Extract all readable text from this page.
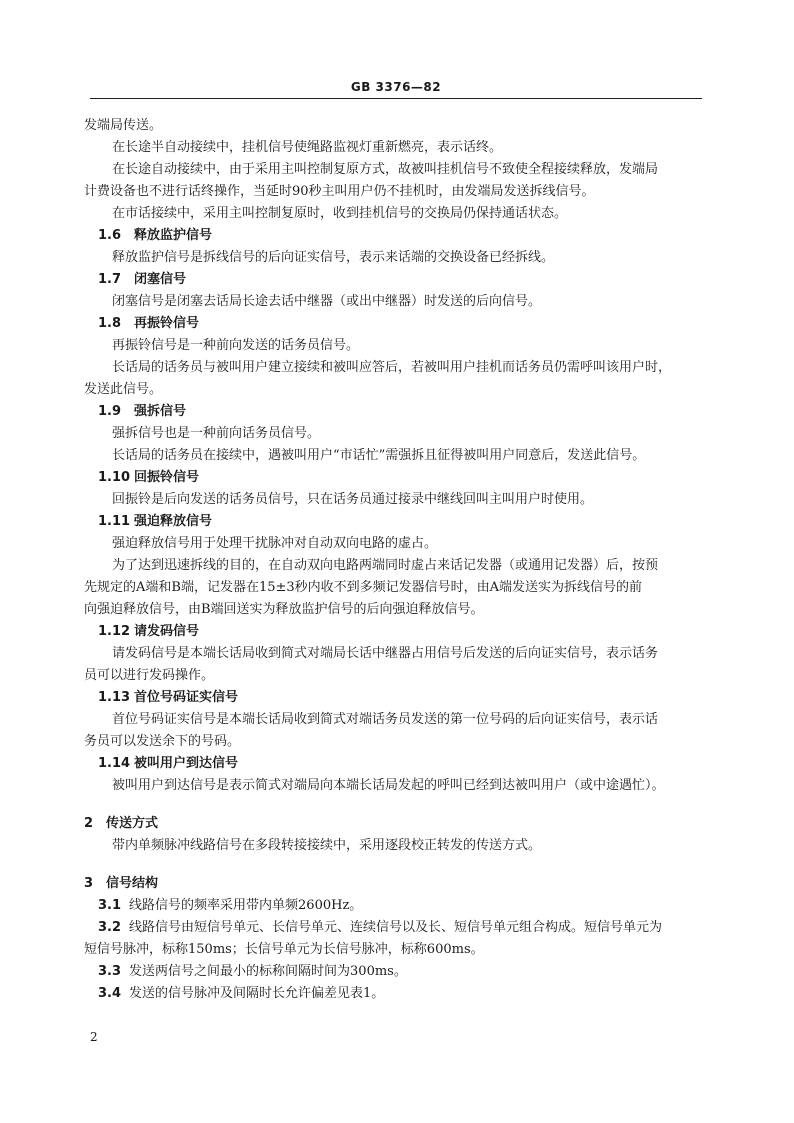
GB 3376—82
发端局传送。
在长途半自动接续中，挂机信号使绳路监视灯重新燃亮，表示话终。
在长途自动接续中，由于采用主叫控制复原方式，故被叫挂机信号不致使全程接续释放，发端局
计费设备也不进行话终操作，当延时90秒主叫用户仍不挂机时，由发端局发送拆线信号。
在市话接续中，采用主叫控制复原时，收到挂机信号的交换局仍保持通话状态。
1.6 释放监护信号
释放监护信号是拆线信号的后向证实信号，表示来话端的交换设备已经拆线。
1.7 闭塞信号
闭塞信号是闭塞去话局长途去话中继器（或出中继器）时发送的后向信号。
1.8 再振铃信号
再振铃信号是一种前向发送的话务员信号。
长话局的话务员与被叫用户建立接续和被叫应答后，若被叫用户挂机而话务员仍需呼叫该用户时，
发送此信号。
1.9 强拆信号
强拆信号也是一种前向话务员信号。
长话局的话务员在接续中，遇被叫用户“市话忙”需强拆且征得被叫用户同意后，发送此信号。
1.10 回振铃信号
回振铃是后向发送的话务员信号，只在话务员通过接录中继线回叫主叫用户时使用。
1.11 强迫释放信号
强迫释放信号用于处理干扰脉冲对自动双向电路的虚占。
为了达到迅速拆线的目的，在自动双向电路两端同时虚占来话记发器（或通用记发器）后，按预
先规定的A端和B端，记发器在15±3秒内收不到多频记发器信号时，由A端发送实为拆线信号的前
向强迫释放信号，由B端回送实为释放监护信号的后向强迫释放信号。
1.12 请发码信号
请发码信号是本端长话局收到简式对端局长话中继器占用信号后发送的后向证实信号，表示话务
员可以进行发码操作。
1.13 首位号码证实信号
首位号码证实信号是本端长话局收到简式对端话务员发送的第一位号码的后向证实信号，表示话
务员可以发送余下的号码。
1.14 被叫用户到达信号
被叫用户到达信号是表示简式对端局向本端长话局发起的呼叫已经到达被叫用户（或中途遇忙）。
2 传送方式
带内单频脉冲线路信号在多段转接接续中，采用逐段校正转发的传送方式。
3 信号结构
3.1 线路信号的频率采用带内单频2600Hz。
3.2 线路信号由短信号单元、长信号单元、连续信号以及长、短信号单元组合构成。短信号单元为
短信号脉冲，标称150ms；长信号单元为长信号脉冲，标称600ms。
3.3 发送两信号之间最小的标称间隔时间为300ms。
3.4 发送的信号脉冲及间隔时长允许偏差见表1。
2
